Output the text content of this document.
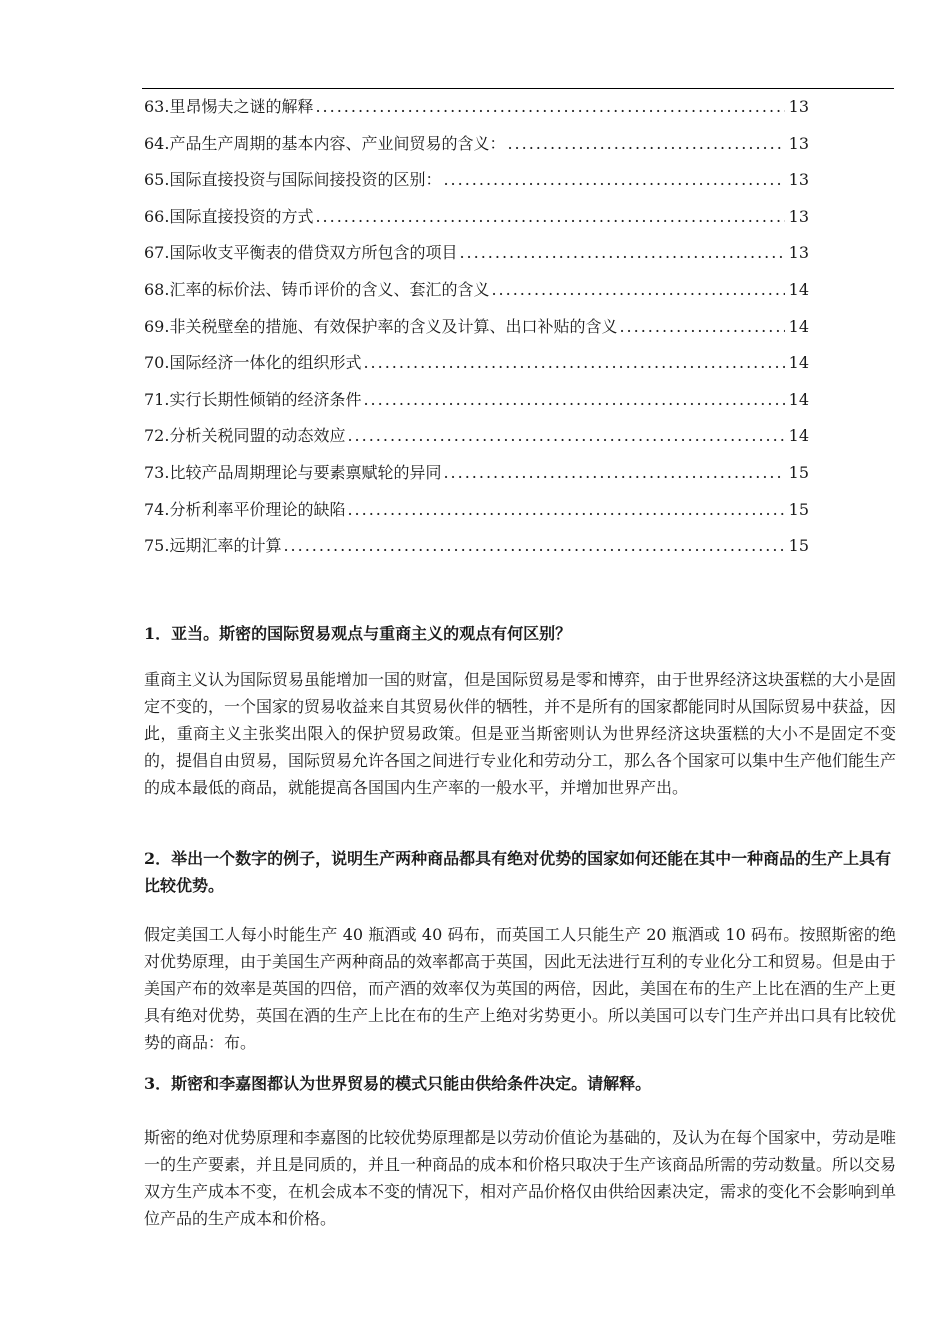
63.里昂惕夫之谜的解释 .....	13
64.产品生产周期的基本内容、产业间贸易的含义： .....	13
65.国际直接投资与国际间接投资的区别： .....	13
66.国际直接投资的方式 .....	13
67.国际收支平衡表的借贷双方所包含的项目 .....	13
68.汇率的标价法、铸币评价的含义、套汇的含义 .....	14
69.非关税壁垒的措施、有效保护率的含义及计算、出口补贴的含义 .....	14
70.国际经济一体化的组织形式 .....	14
71.实行长期性倾销的经济条件 .....	14
72.分析关税同盟的动态效应 .....	14
73.比较产品周期理论与要素禀赋轮的异同 .....	15
74.分析利率平价理论的缺陷 .....	15
75.远期汇率的计算 .....	15
1．亚当。斯密的国际贸易观点与重商主义的观点有何区别？

重商主义认为国际贸易虽能增加一国的财富，但是国际贸易是零和博弈，由于世界经济这块蛋糕的大小是固定不变的，一个国家的贸易收益来自其贸易伙伴的牺牲，并不是所有的国家都能同时从国际贸易中获益，因此，重商主义主张奖出限入的保护贸易政策。但是亚当斯密则认为世界经济这块蛋糕的大小不是固定不变的，提倡自由贸易，国际贸易允许各国之间进行专业化和劳动分工，那么各个国家可以集中生产他们能生产的成本最低的商品，就能提高各国国内生产率的一般水平，并增加世界产出。

2．举出一个数字的例子，说明生产两种商品都具有绝对优势的国家如何还能在其中一种商品的生产上具有比较优势。

假定美国工人每小时能生产 40 瓶酒或 40 码布，而英国工人只能生产 20 瓶酒或 10 码布。按照斯密的绝对优势原理，由于美国生产两种商品的效率都高于英国，因此无法进行互利的专业化分工和贸易。但是由于美国产布的效率是英国的四倍，而产酒的效率仅为英国的两倍，因此，美国在布的生产上比在酒的生产上更具有绝对优势，英国在酒的生产上比在布的生产上绝对劣势更小。所以美国可以专门生产并出口具有比较优势的商品：布。

3．斯密和李嘉图都认为世界贸易的模式只能由供给条件决定。请解释。

斯密的绝对优势原理和李嘉图的比较优势原理都是以劳动价值论为基础的，及认为在每个国家中，劳动是唯一的生产要素，并且是同质的，并且一种商品的成本和价格只取决于生产该商品所需的劳动数量。所以交易双方生产成本不变，在机会成本不变的情况下，相对产品价格仅由供给因素决定，需求的变化不会影响到单位产品的生产成本和价格。
